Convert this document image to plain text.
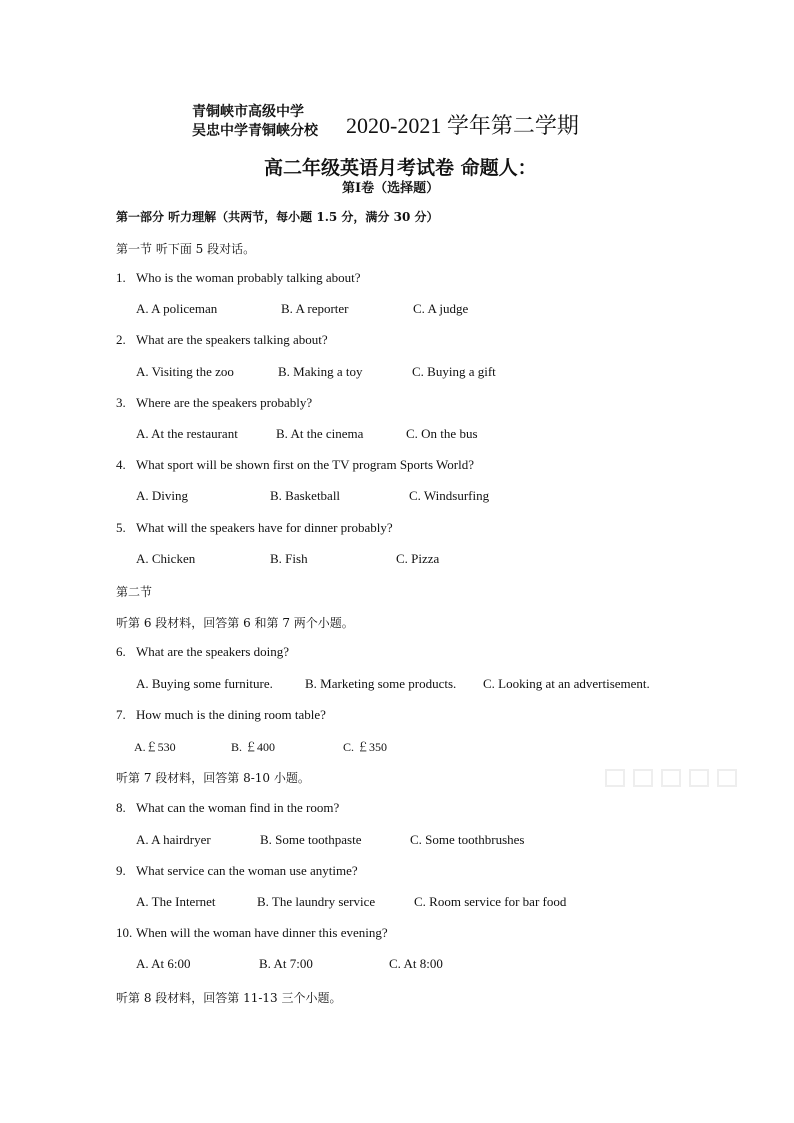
青铜峡市高级中学
吴忠中学青铜峡分校 2020-2021 学年第二学期
高二年级英语月考试卷 命题人：
第Ⅰ卷（选择题）
第一部分 听力理解（共两节，每小题 1.5 分，满分 30 分）
第一节 听下面 5 段对话。
1. Who is the woman probably talking about?
A. A policeman	B. A reporter	C. A judge
2. What are the speakers talking about?
A. Visiting the zoo	B. Making a toy	C. Buying a gift
3. Where are the speakers probably?
A. At the restaurant	B. At the cinema	C. On the bus
4. What sport will be shown first on the TV program Sports World?
A. Diving	B. Basketball	C. Windsurfing
5. What will the speakers have for dinner probably?
A. Chicken	B. Fish	C. Pizza
第二节
听第 6 段材料，回答第 6 和第 7 两个小题。
6. What are the speakers doing?
A. Buying some furniture. B. Marketing some products. C. Looking at an advertisement.
7. How much is the dining room table?
A.￡530	B. ￡400	C. ￡350
听第 7 段材料，回答第 8-10 小题。
8. What can the woman find in the room?
A. A hairdryer	B. Some toothpaste	C. Some toothbrushes
9. What service can the woman use anytime?
A. The Internet	B. The laundry service	C. Room service for bar food
10. When will the woman have dinner this evening?
A. At 6:00	B. At 7:00	C. At 8:00
听第 8 段材料，回答第 11-13 三个小题。
